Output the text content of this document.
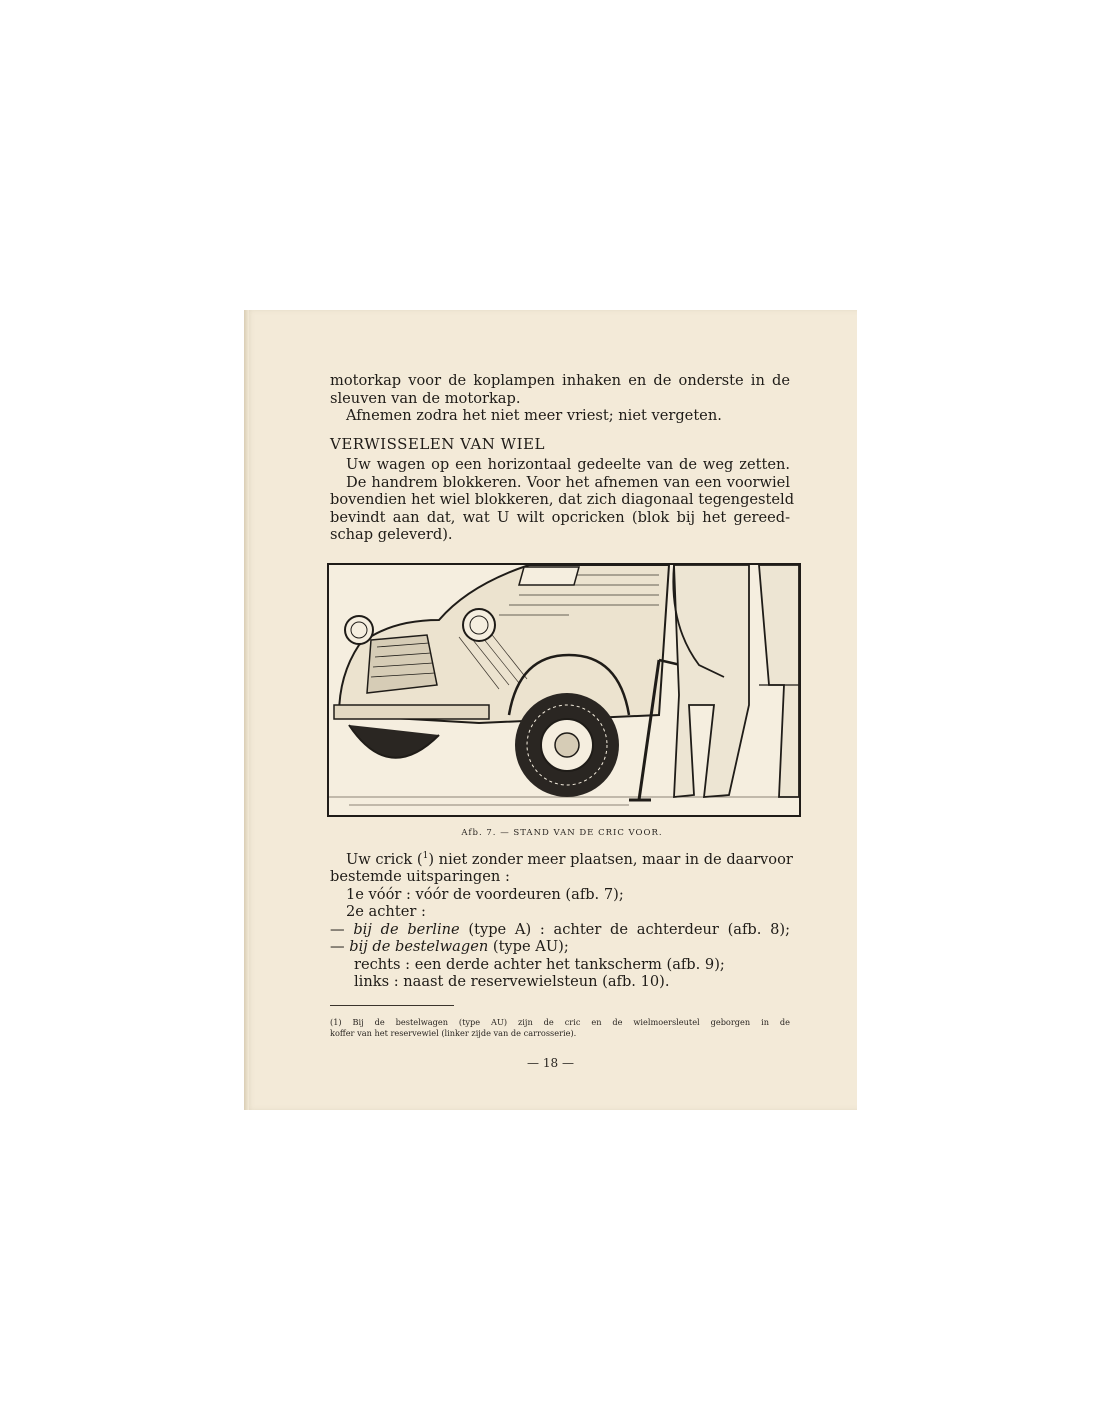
motorkap voor de koplampen inhaken en de onderste in de
sleuven van de motorkap.
Afnemen zodra het niet meer vriest; niet vergeten.
VERWISSELEN VAN WIEL
Uw wagen op een horizontaal gedeelte van de weg zetten.
De handrem blokkeren. Voor het afnemen van een voorwiel
bovendien het wiel blokkeren, dat zich diagonaal tegengesteld
bevindt aan dat, wat U wilt opcricken (blok bij het gereed-
schap geleverd).
Afb. 7. — STAND VAN DE CRIC VOOR.
Uw crick ($^1$) niet zonder meer plaatsen, maar in de daarvoor
bestemde uitsparingen :
1e vóór : vóór de voordeuren (afb. 7);
2e achter :
— bij de berline (type A) : achter de achterdeur (afb. 8);
— bij de bestelwagen (type AU);
rechts : een derde achter het tankscherm (afb. 9);
links : naast de reservewielsteun (afb. 10).
(1) Bij de bestelwagen (type AU) zijn de cric en de wielmoersleutel geborgen in de
koffer van het reservewiel (linker zijde van de carrosserie).
— 18 —
